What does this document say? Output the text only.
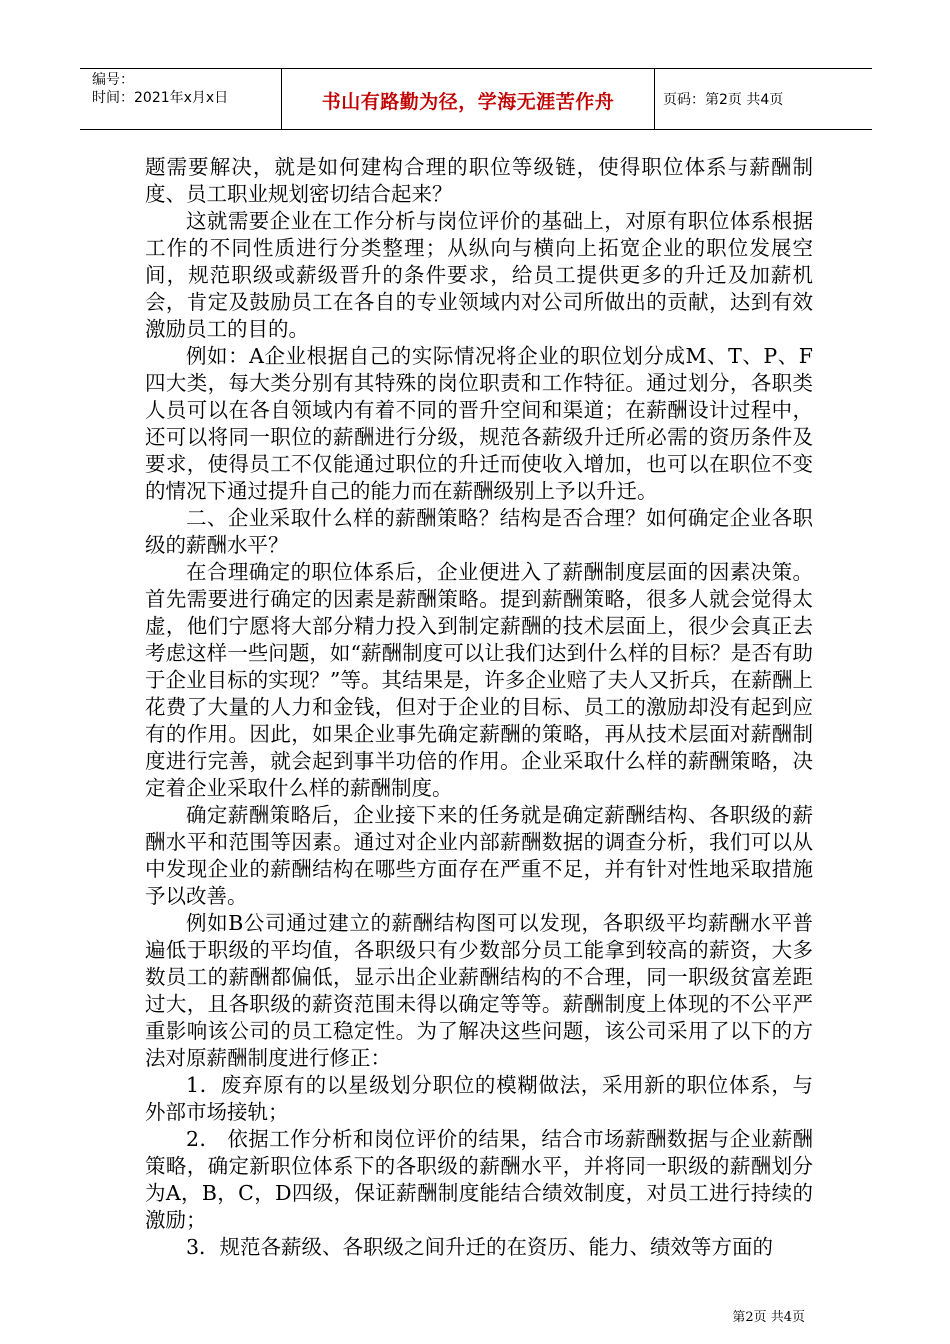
编号：
时间：2021年x月x日	书山有路勤为径，学海无涯苦作舟	页码：第2页 共4页

题需要解决，就是如何建构合理的职位等级链，使得职位体系与薪酬制度、员工职业规划密切结合起来？

这就需要企业在工作分析与岗位评价的基础上，对原有职位体系根据工作的不同性质进行分类整理；从纵向与横向上拓宽企业的职位发展空间，规范职级或薪级晋升的条件要求，给员工提供更多的升迁及加薪机会，肯定及鼓励员工在各自的专业领域内对公司所做出的贡献，达到有效激励员工的目的。

例如：A企业根据自己的实际情况将企业的职位划分成M、T、P、F四大类，每大类分别有其特殊的岗位职责和工作特征。通过划分，各职类人员可以在各自领域内有着不同的晋升空间和渠道；在薪酬设计过程中，还可以将同一职位的薪酬进行分级，规范各薪级升迁所必需的资历条件及要求，使得员工不仅能通过职位的升迁而使收入增加，也可以在职位不变的情况下通过提升自己的能力而在薪酬级别上予以升迁。

二、企业采取什么样的薪酬策略？结构是否合理？如何确定企业各职级的薪酬水平？

在合理确定的职位体系后，企业便进入了薪酬制度层面的因素决策。首先需要进行确定的因素是薪酬策略。提到薪酬策略，很多人就会觉得太虚，他们宁愿将大部分精力投入到制定薪酬的技术层面上，很少会真正去考虑这样一些问题，如“薪酬制度可以让我们达到什么样的目标？是否有助于企业目标的实现？”等。其结果是，许多企业赔了夫人又折兵，在薪酬上花费了大量的人力和金钱，但对于企业的目标、员工的激励却没有起到应有的作用。因此，如果企业事先确定薪酬的策略，再从技术层面对薪酬制度进行完善，就会起到事半功倍的作用。企业采取什么样的薪酬策略，决定着企业采取什么样的薪酬制度。

确定薪酬策略后，企业接下来的任务就是确定薪酬结构、各职级的薪酬水平和范围等因素。通过对企业内部薪酬数据的调查分析，我们可以从中发现企业的薪酬结构在哪些方面存在严重不足，并有针对性地采取措施予以改善。

例如B公司通过建立的薪酬结构图可以发现，各职级平均薪酬水平普遍低于职级的平均值，各职级只有少数部分员工能拿到较高的薪资，大多数员工的薪酬都偏低，显示出企业薪酬结构的不合理，同一职级贫富差距过大，且各职级的薪资范围未得以确定等等。薪酬制度上体现的不公平严重影响该公司的员工稳定性。为了解决这些问题，该公司采用了以下的方法对原薪酬制度进行修正：

1．废弃原有的以星级划分职位的模糊做法，采用新的职位体系，与外部市场接轨；

2． 依据工作分析和岗位评价的结果，结合市场薪酬数据与企业薪酬策略，确定新职位体系下的各职级的薪酬水平，并将同一职级的薪酬划分为A，B，C，D四级，保证薪酬制度能结合绩效制度，对员工进行持续的激励；

3．规范各薪级、各职级之间升迁的在资历、能力、绩效等方面的

第2页 共4页
